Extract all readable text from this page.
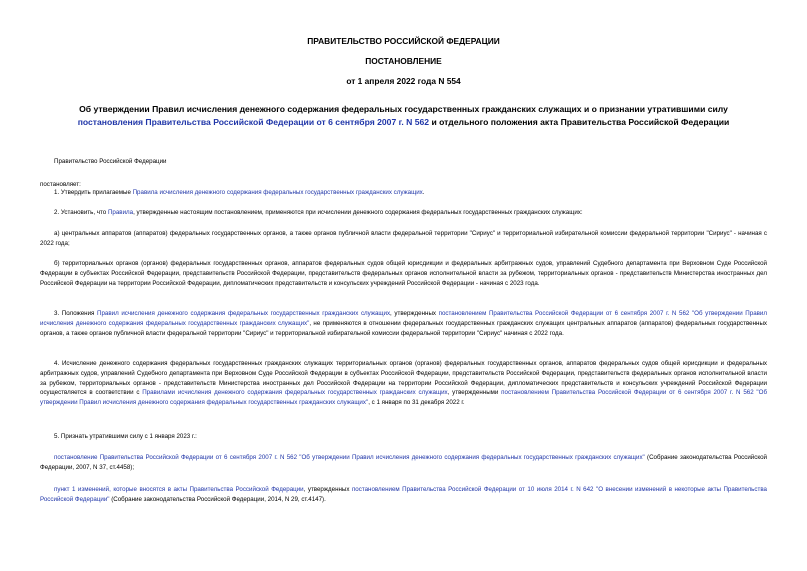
ПРАВИТЕЛЬСТВО РОССИЙСКОЙ ФЕДЕРАЦИИ
ПОСТАНОВЛЕНИЕ
от 1 апреля 2022 года N 554
Об утверждении Правил исчисления денежного содержания федеральных государственных гражданских служащих и о признании утратившими силу
постановления Правительства Российской Федерации от 6 сентября 2007 г. N 562 и отдельного положения акта Правительства Российской Федерации
Правительство Российской Федерации
постановляет:
1. Утвердить прилагаемые Правила исчисления денежного содержания федеральных государственных гражданских служащих.
2. Установить, что Правила, утвержденные настоящим постановлением, применяются при исчислении денежного содержания федеральных государственных гражданских служащих:
а) центральных аппаратов (аппаратов) федеральных государственных органов, а также органов публичной власти федеральной территории "Сириус" и территориальной избирательной комиссии федеральной территории "Сириус" - начиная с 2022 года;
б) территориальных органов (органов) федеральных государственных органов, аппаратов федеральных судов общей юрисдикции и федеральных арбитражных судов, управлений Судебного департамента при Верховном Суде Российской Федерации в субъектах Российской Федерации, представительств Российской Федерации, представительств федеральных органов исполнительной власти за рубежом, территориальных органов - представительств Министерства иностранных дел Российской Федерации на территории Российской Федерации, дипломатических представительств и консульских учреждений Российской Федерации - начиная с 2023 года.
3. Положения Правил исчисления денежного содержания федеральных государственных гражданских служащих, утвержденных постановлением Правительства Российской Федерации от 6 сентября 2007 г. N 562 "Об утверждении Правил исчисления денежного содержания федеральных государственных гражданских служащих", не применяются в отношении федеральных государственных гражданских служащих центральных аппаратов (аппаратов) федеральных государственных органов, а также органов публичной власти федеральной территории "Сириус" и территориальной избирательной комиссии федеральной территории "Сириус" начиная с 2022 года.
4. Исчисление денежного содержания федеральных государственных гражданских служащих территориальных органов (органов) федеральных государственных органов, аппаратов федеральных судов общей юрисдикции и федеральных арбитражных судов, управлений Судебного департамента при Верховном Суде Российской Федерации в субъектах Российской Федерации, представительств Российской Федерации, представительств федеральных органов исполнительной власти за рубежом, территориальных органов - представительств Министерства иностранных дел Российской Федерации на территории Российской Федерации, дипломатических представительств и консульских учреждений Российской Федерации осуществляется в соответствии с Правилами исчисления денежного содержания федеральных государственных гражданских служащих, утвержденными постановлением Правительства Российской Федерации от 6 сентября 2007 г. N 562 "Об утверждении Правил исчисления денежного содержания федеральных государственных гражданских служащих", с 1 января по 31 декабря 2022 г.
5. Признать утратившими силу с 1 января 2023 г.:
постановление Правительства Российской Федерации от 6 сентября 2007 г. N 562 "Об утверждении Правил исчисления денежного содержания федеральных государственных гражданских служащих" (Собрание законодательства Российской Федерации, 2007, N 37, ст.4458);
пункт 1 изменений, которые вносятся в акты Правительства Российской Федерации, утвержденных постановлением Правительства Российской Федерации от 10 июля 2014 г. N 642 "О внесении изменений в некоторые акты Правительства Российской Федерации" (Собрание законодательства Российской Федерации, 2014, N 29, ст.4147).
